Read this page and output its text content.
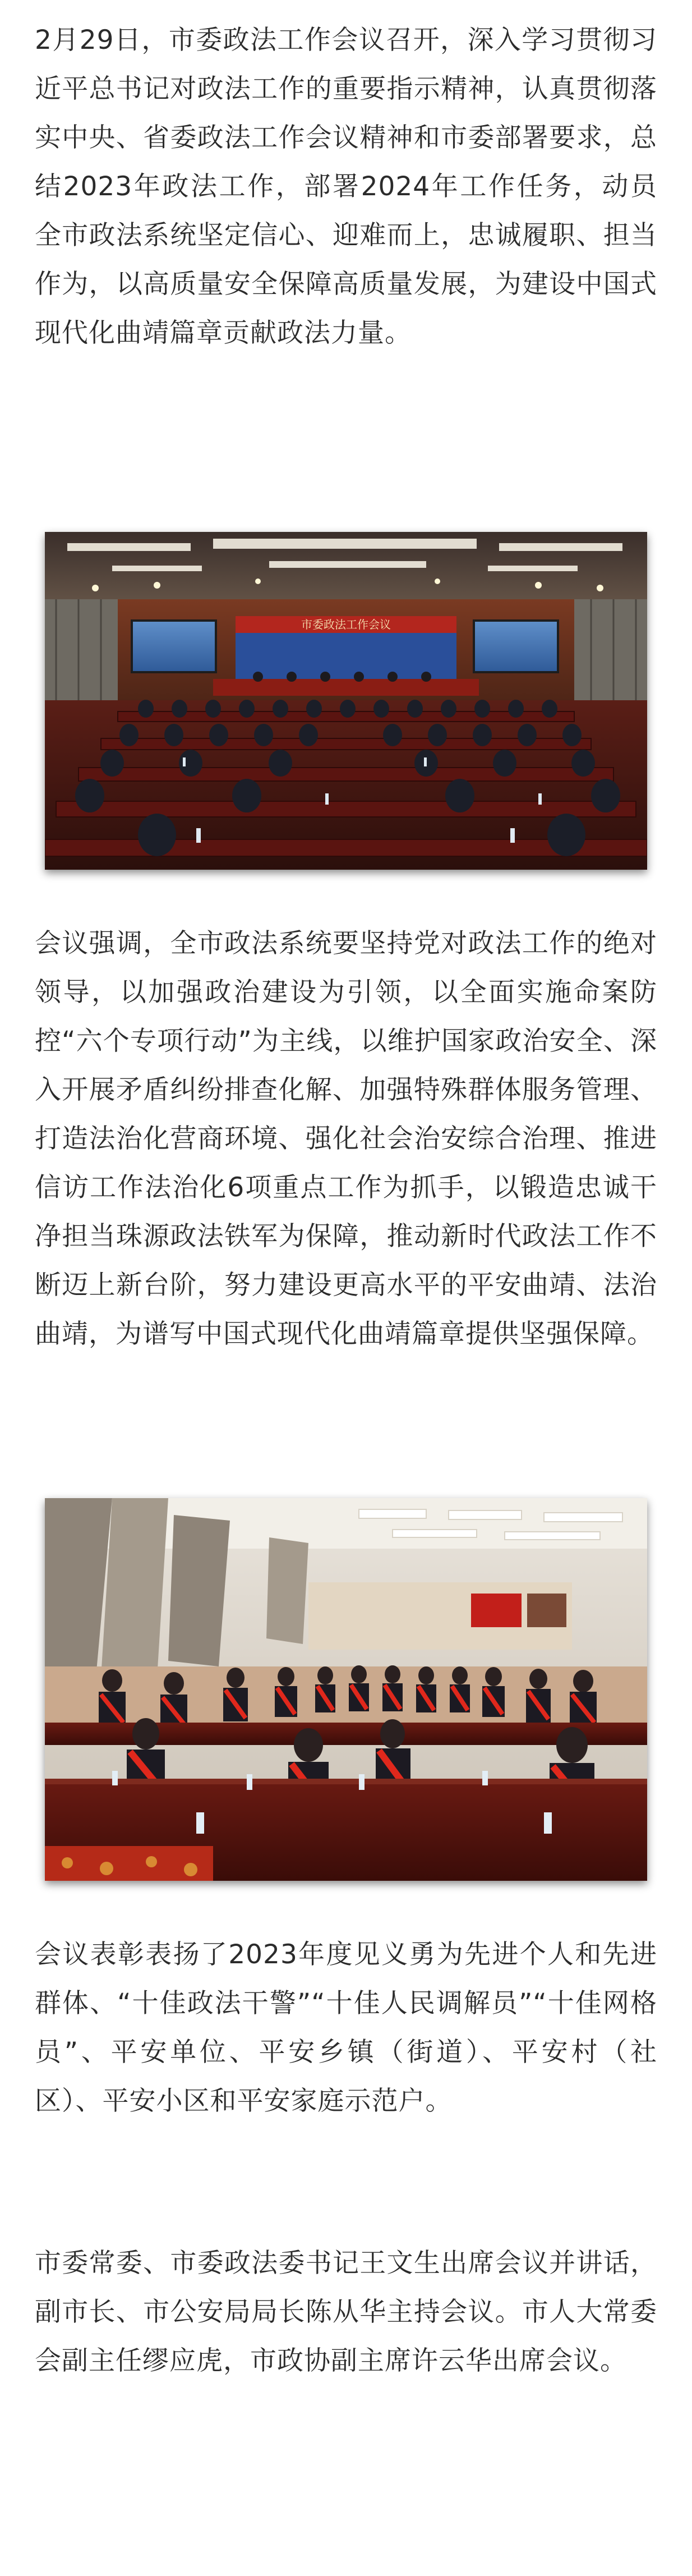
2月29日，市委政法工作会议召开，深入学习贯彻习近平总书记对政法工作的重要指示精神，认真贯彻落实中央、省委政法工作会议精神和市委部署要求，总结2023年政法工作，部署2024年工作任务，动员全市政法系统坚定信心、迎难而上，忠诚履职、担当作为，以高质量安全保障高质量发展，为建设中国式现代化曲靖篇章贡献政法力量。

市委政法工作会议

会议强调，全市政法系统要坚持党对政法工作的绝对领导，以加强政治建设为引领，以全面实施命案防控“六个专项行动”为主线，以维护国家政治安全、深入开展矛盾纠纷排查化解、加强特殊群体服务管理、打造法治化营商环境、强化社会治安综合治理、推进信访工作法治化6项重点工作为抓手，以锻造忠诚干净担当珠源政法铁军为保障，推动新时代政法工作不断迈上新台阶，努力建设更高水平的平安曲靖、法治曲靖，为谱写中国式现代化曲靖篇章提供坚强保障。

会议表彰表扬了2023年度见义勇为先进个人和先进群体、“十佳政法干警”“十佳人民调解员”“十佳网格员”、平安单位、平安乡镇（街道）、平安村（社区）、平安小区和平安家庭示范户。

市委常委、市委政法委书记王文生出席会议并讲话，副市长、市公安局局长陈从华主持会议。市人大常委会副主任缪应虎，市政协副主席许云华出席会议。
